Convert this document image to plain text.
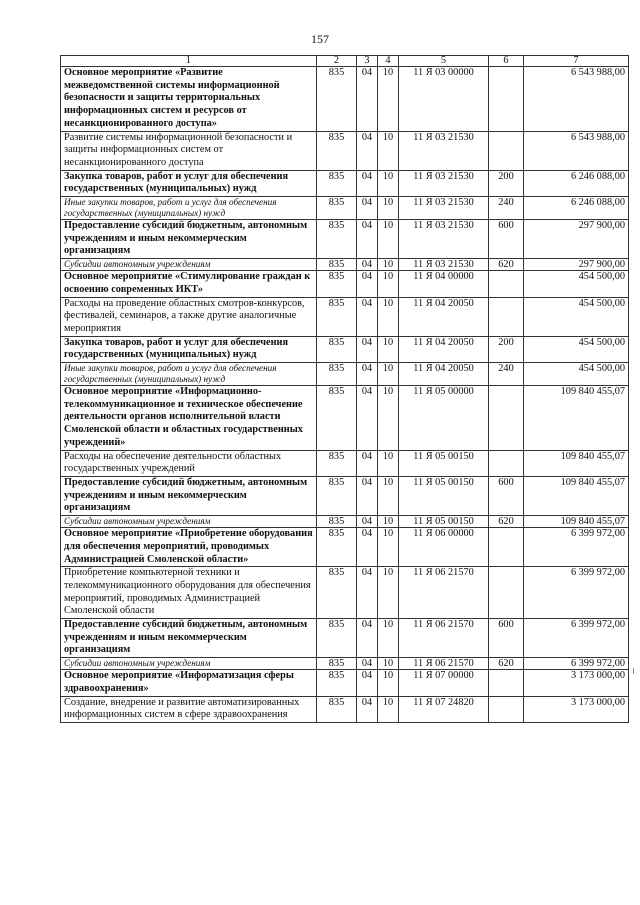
157
1	2	3	4	5	6	7
Основное мероприятие «Развитие межведомственной системы информационной безопасности и защиты территориальных информационных систем и ресурсов от несанкционированного доступа»	835	04	10	11 Я 03 00000		6 543 988,00
Развитие системы информационной безопасности и защиты информационных систем от несанкционированного доступа	835	04	10	11 Я 03 21530		6 543 988,00
Закупка товаров, работ и услуг для обеспечения государственных (муниципальных) нужд	835	04	10	11 Я 03 21530	200	6 246 088,00
Иные закупки товаров, работ и услуг для обеспечения государственных (муниципальных) нужд	835	04	10	11 Я 03 21530	240	6 246 088,00
Предоставление субсидий бюджетным, автономным учреждениям и иным некоммерческим организациям	835	04	10	11 Я 03 21530	600	297 900,00
Субсидии автономным учреждениям	835	04	10	11 Я 03 21530	620	297 900,00
Основное мероприятие «Стимулирование граждан к освоению современных ИКТ»	835	04	10	11 Я 04 00000		454 500,00
Расходы на проведение областных смотров-конкурсов, фестивалей, семинаров, а также другие аналогичные мероприятия	835	04	10	11 Я 04 20050		454 500,00
Закупка товаров, работ и услуг для обеспечения государственных (муниципальных) нужд	835	04	10	11 Я 04 20050	200	454 500,00
Иные закупки товаров, работ и услуг для обеспечения государственных (муниципальных) нужд	835	04	10	11 Я 04 20050	240	454 500,00
Основное мероприятие «Информационно-телекоммуникационное и техническое обеспечение деятельности органов исполнительной власти Смоленской области и областных государственных учреждений»	835	04	10	11 Я 05 00000		109 840 455,07
Расходы на обеспечение деятельности областных государственных учреждений	835	04	10	11 Я 05 00150		109 840 455,07
Предоставление субсидий бюджетным, автономным учреждениям и иным некоммерческим организациям	835	04	10	11 Я 05 00150	600	109 840 455,07
Субсидии автономным учреждениям	835	04	10	11 Я 05 00150	620	109 840 455,07
Основное мероприятие «Приобретение оборудования для обеспечения мероприятий, проводимых Администрацией Смоленской области»	835	04	10	11 Я 06 00000		6 399 972,00
Приобретение компьютерной техники и телекоммуникационного оборудования для обеспечения мероприятий, проводимых Администрацией Смоленской области	835	04	10	11 Я 06 21570		6 399 972,00
Предоставление субсидий бюджетным, автономным учреждениям и иным некоммерческим организациям	835	04	10	11 Я 06 21570	600	6 399 972,00
Субсидии автономным учреждениям	835	04	10	11 Я 06 21570	620	6 399 972,00
Основное мероприятие «Информатизация сферы здравоохранения»	835	04	10	11 Я 07 00000		3 173 000,00
Создание, внедрение и развитие автоматизированных информационных систем в сфере здравоохранения	835	04	10	11 Я 07 24820		3 173 000,00
